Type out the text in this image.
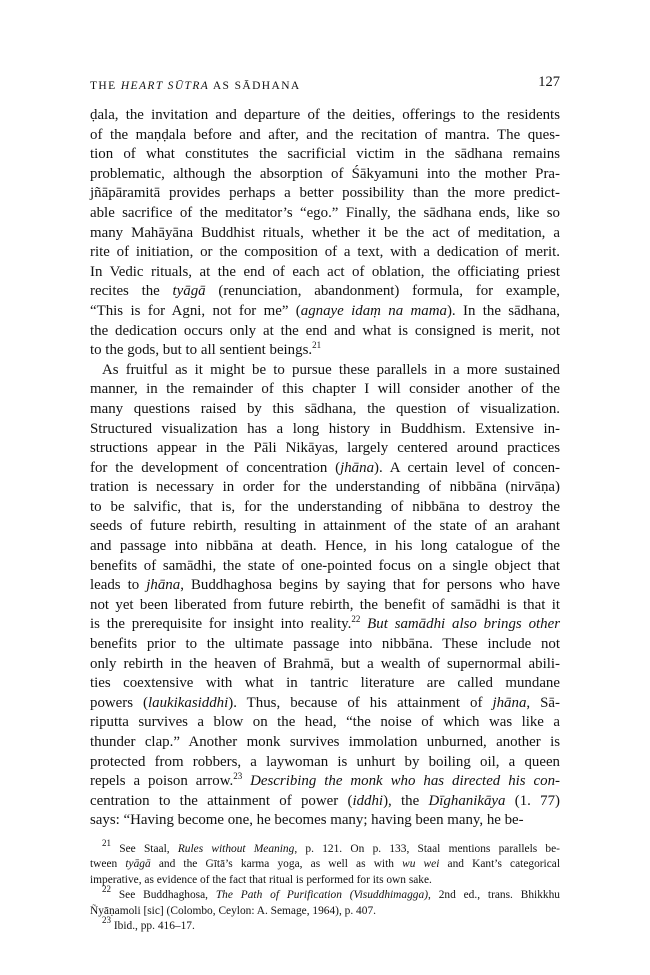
THE HEART SŪTRA AS SĀDHANA	127
ḍala, the invitation and departure of the deities, offerings to the residents
of the maṇḍala before and after, and the recitation of mantra. The ques-
tion of what constitutes the sacrificial victim in the sādhana remains
problematic, although the absorption of Śākyamuni into the mother Pra-
jñāpāramitā provides perhaps a better possibility than the more predict-
able sacrifice of the meditator’s “ego.” Finally, the sādhana ends, like so
many Mahāyāna Buddhist rituals, whether it be the act of meditation, a
rite of initiation, or the composition of a text, with a dedication of merit.
In Vedic rituals, at the end of each act of oblation, the officiating priest
recites the tyāgā (renunciation, abandonment) formula, for example,
“This is for Agni, not for me” (agnaye idaṃ na mama). In the sādhana,
the dedication occurs only at the end and what is consigned is merit, not
to the gods, but to all sentient beings.$^{21}$
As fruitful as it might be to pursue these parallels in a more sustained
manner, in the remainder of this chapter I will consider another of the
many questions raised by this sādhana, the question of visualization.
Structured visualization has a long history in Buddhism. Extensive in-
structions appear in the Pāli Nikāyas, largely centered around practices
for the development of concentration (jhāna). A certain level of concen-
tration is necessary in order for the understanding of nibbāna (nirvāṇa)
to be salvific, that is, for the understanding of nibbāna to destroy the
seeds of future rebirth, resulting in attainment of the state of an arahant
and passage into nibbāna at death. Hence, in his long catalogue of the
benefits of samādhi, the state of one-pointed focus on a single object that
leads to jhāna, Buddhaghosa begins by saying that for persons who have
not yet been liberated from future rebirth, the benefit of samādhi is that it
is the prerequisite for insight into reality.$^{22}$ But samādhi also brings other
benefits prior to the ultimate passage into nibbāna. These include not
only rebirth in the heaven of Brahmā, but a wealth of supernormal abili-
ties coextensive with what in tantric literature are called mundane
powers (laukikasiddhi). Thus, because of his attainment of jhāna, Sā-
riputta survives a blow on the head, “the noise of which was like a
thunder clap.” Another monk survives immolation unburned, another is
protected from robbers, a laywoman is unhurt by boiling oil, a queen
repels a poison arrow.$^{23}$ Describing the monk who has directed his con-
centration to the attainment of power (iddhi), the Dīghanikāya (1. 77)
says: “Having become one, he becomes many; having been many, he be-
$^{21}$ See Staal, Rules without Meaning, p. 121. On p. 133, Staal mentions parallels be-
tween tyāgā and the Gītā’s karma yoga, as well as with wu wei and Kant’s categorical
imperative, as evidence of the fact that ritual is performed for its own sake.
$^{22}$ See Buddhaghosa, The Path of Purification (Visuddhimagga), 2nd ed., trans. Bhikkhu
Ñyāṇamoli [sic] (Colombo, Ceylon: A. Semage, 1964), p. 407.
$^{23}$ Ibid., pp. 416–17.
